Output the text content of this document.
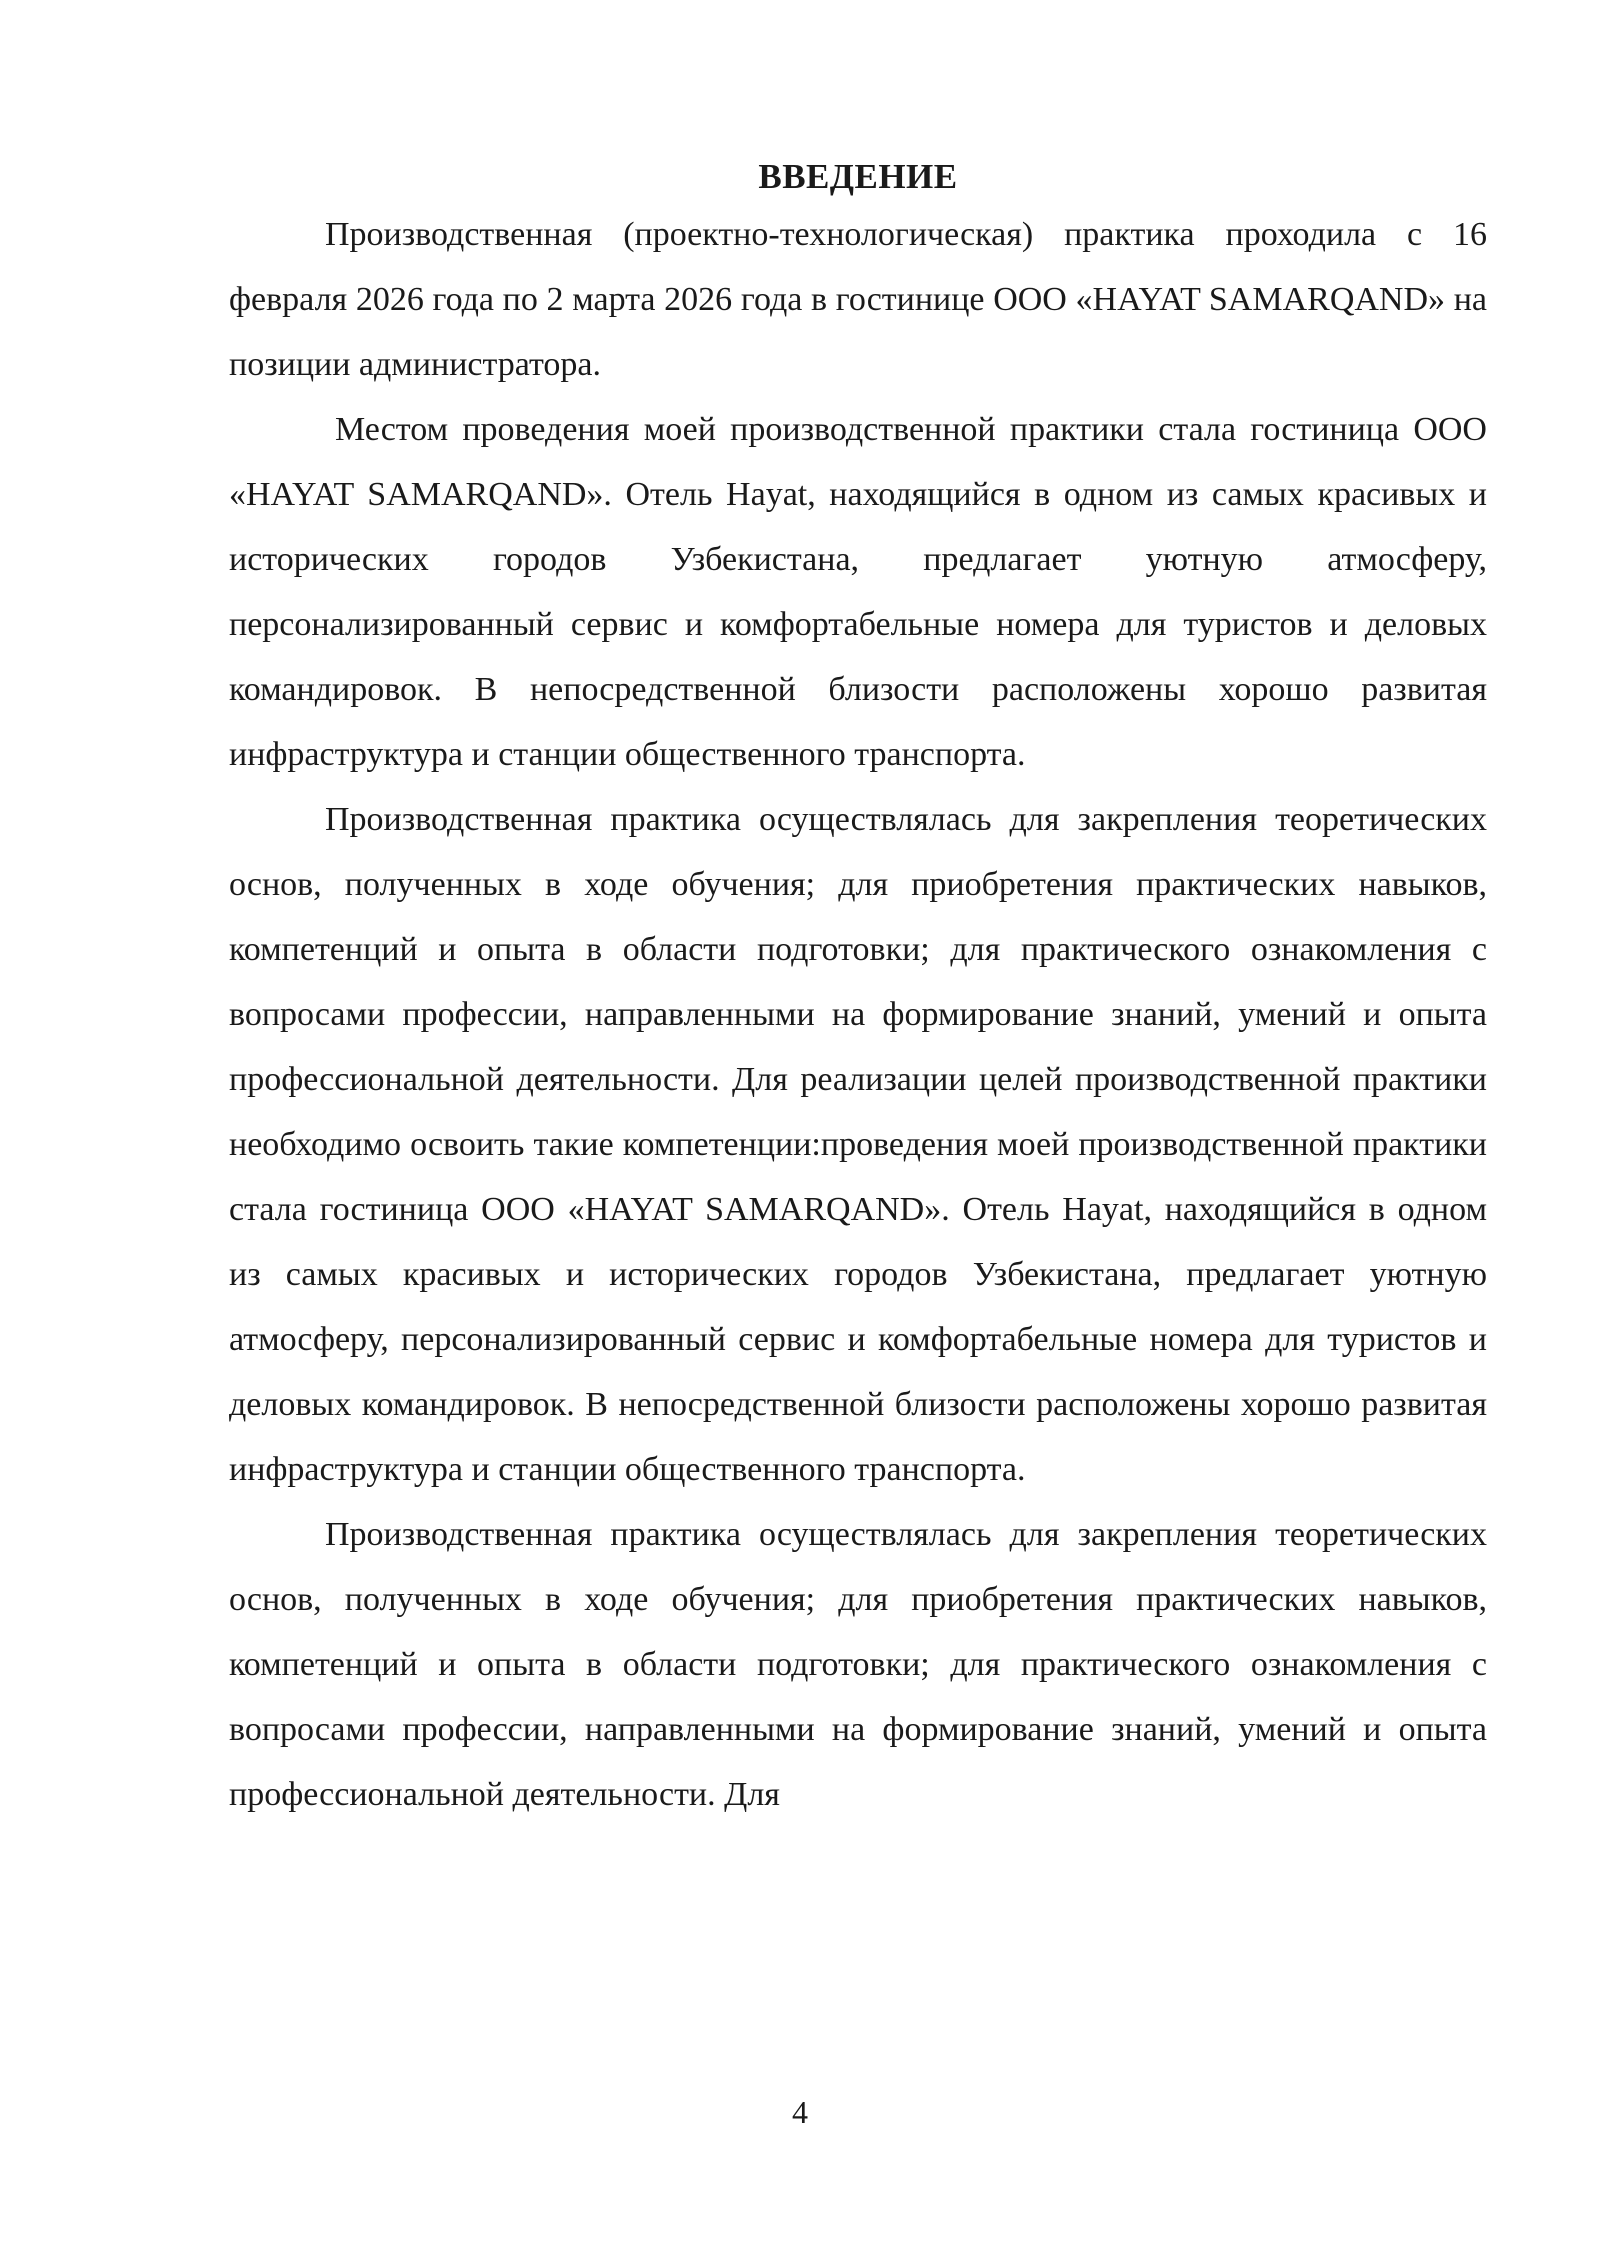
ВВЕДЕНИЕ

Производственная (проектно-технологическая) практика проходила с 16 февраля 2026 года по 2 марта 2026 года в гостинице ООО «HAYAT SAMARQAND» на позиции администратора.

Местом проведения моей производственной практики стала гостиница ООО «HAYAT SAMARQAND». Отель Hayat, находящийся в одном из самых красивых и исторических городов Узбекистана, предлагает уютную атмосферу, персонализированный сервис и комфортабельные номера для туристов и деловых командировок. В непосредственной близости расположены хорошо развитая инфраструктура и станции общественного транспорта.

Производственная практика осуществлялась для закрепления теоретических основ, полученных в ходе обучения; для приобретения практических навыков, компетенций и опыта в области подготовки; для практического ознакомления с вопросами профессии, направленными на формирование знаний, умений и опыта профессиональной деятельности. Для реализации целей производственной практики необходимо освоить такие компетенции:проведения моей производственной практики стала гостиница ООО «HAYAT SAMARQAND». Отель Hayat, находящийся в одном из самых красивых и исторических городов Узбекистана, предлагает уютную атмосферу, персонализированный сервис и комфортабельные номера для туристов и деловых командировок. В непосредственной близости расположены хорошо развитая инфраструктура и станции общественного транспорта.

Производственная практика осуществлялась для закрепления теоретических основ, полученных в ходе обучения; для приобретения практических навыков, компетенций и опыта в области подготовки; для практического ознакомления с вопросами профессии, направленными на формирование знаний, умений и опыта профессиональной деятельности. Для

4
